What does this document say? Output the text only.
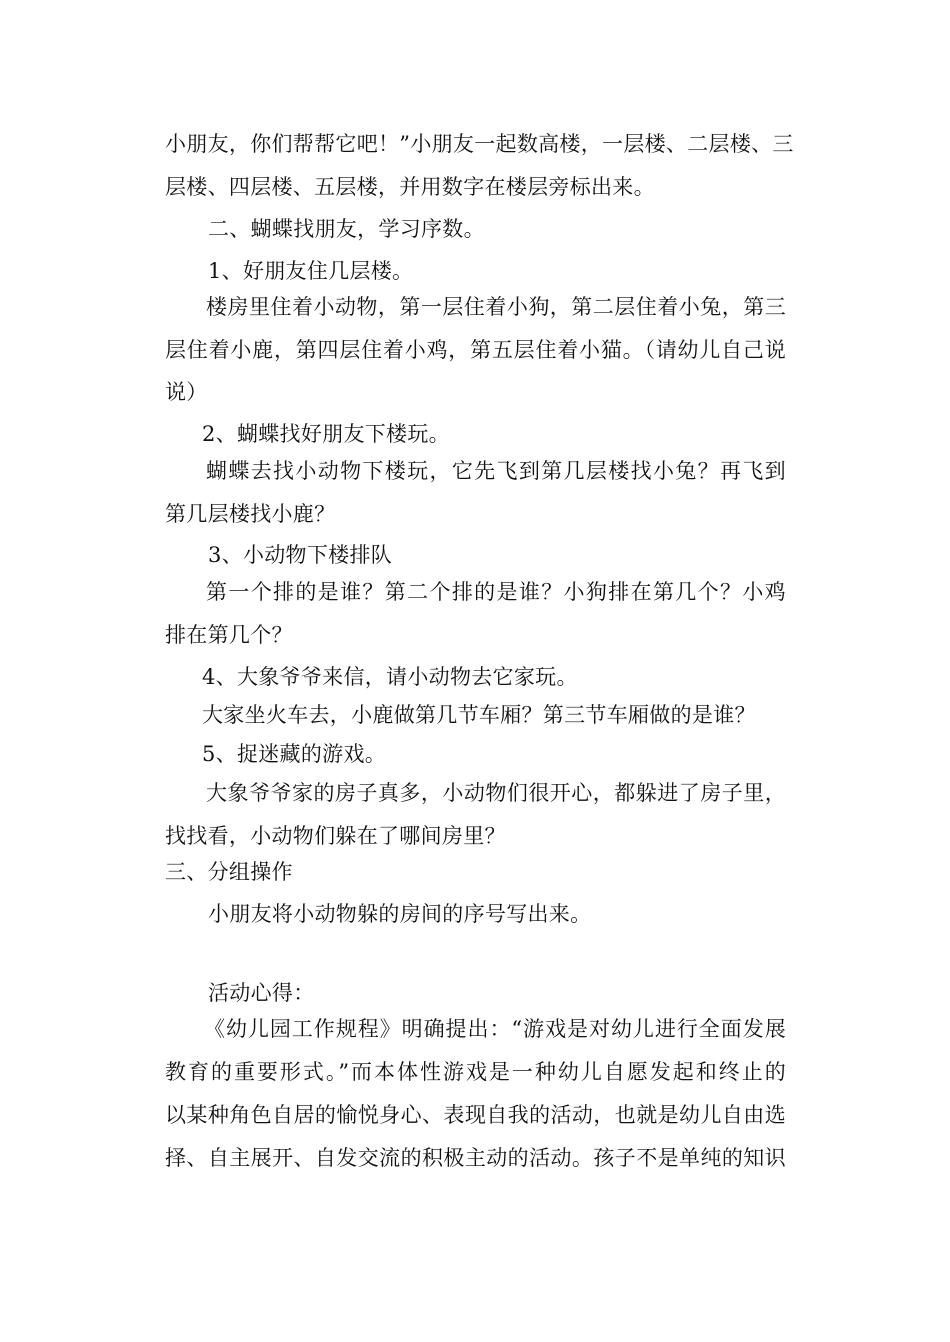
小朋友，你们帮帮它吧！”小朋友一起数高楼，一层楼、二层楼、三
层楼、四层楼、五层楼，并用数字在楼层旁标出来。
二、蝴蝶找朋友，学习序数。
1、好朋友住几层楼。
楼房里住着小动物，第一层住着小狗，第二层住着小兔，第三
层住着小鹿，第四层住着小鸡，第五层住着小猫。（请幼儿自己说
说）
2、蝴蝶找好朋友下楼玩。
蝴蝶去找小动物下楼玩，它先飞到第几层楼找小兔？再飞到
第几层楼找小鹿？
3、小动物下楼排队
第一个排的是谁？第二个排的是谁？小狗排在第几个？小鸡
排在第几个？
4、大象爷爷来信，请小动物去它家玩。
大家坐火车去，小鹿做第几节车厢？第三节车厢做的是谁？
5、捉迷藏的游戏。
大象爷爷家的房子真多，小动物们很开心，都躲进了房子里，
找找看，小动物们躲在了哪间房里？
三、分组操作
小朋友将小动物躲的房间的序号写出来。
活动心得：
《幼儿园工作规程》明确提出：“游戏是对幼儿进行全面发展
教育的重要形式。”而本体性游戏是一种幼儿自愿发起和终止的
以某种角色自居的愉悦身心、表现自我的活动，也就是幼儿自由选
择、自主展开、自发交流的积极主动的活动。孩子不是单纯的知识
